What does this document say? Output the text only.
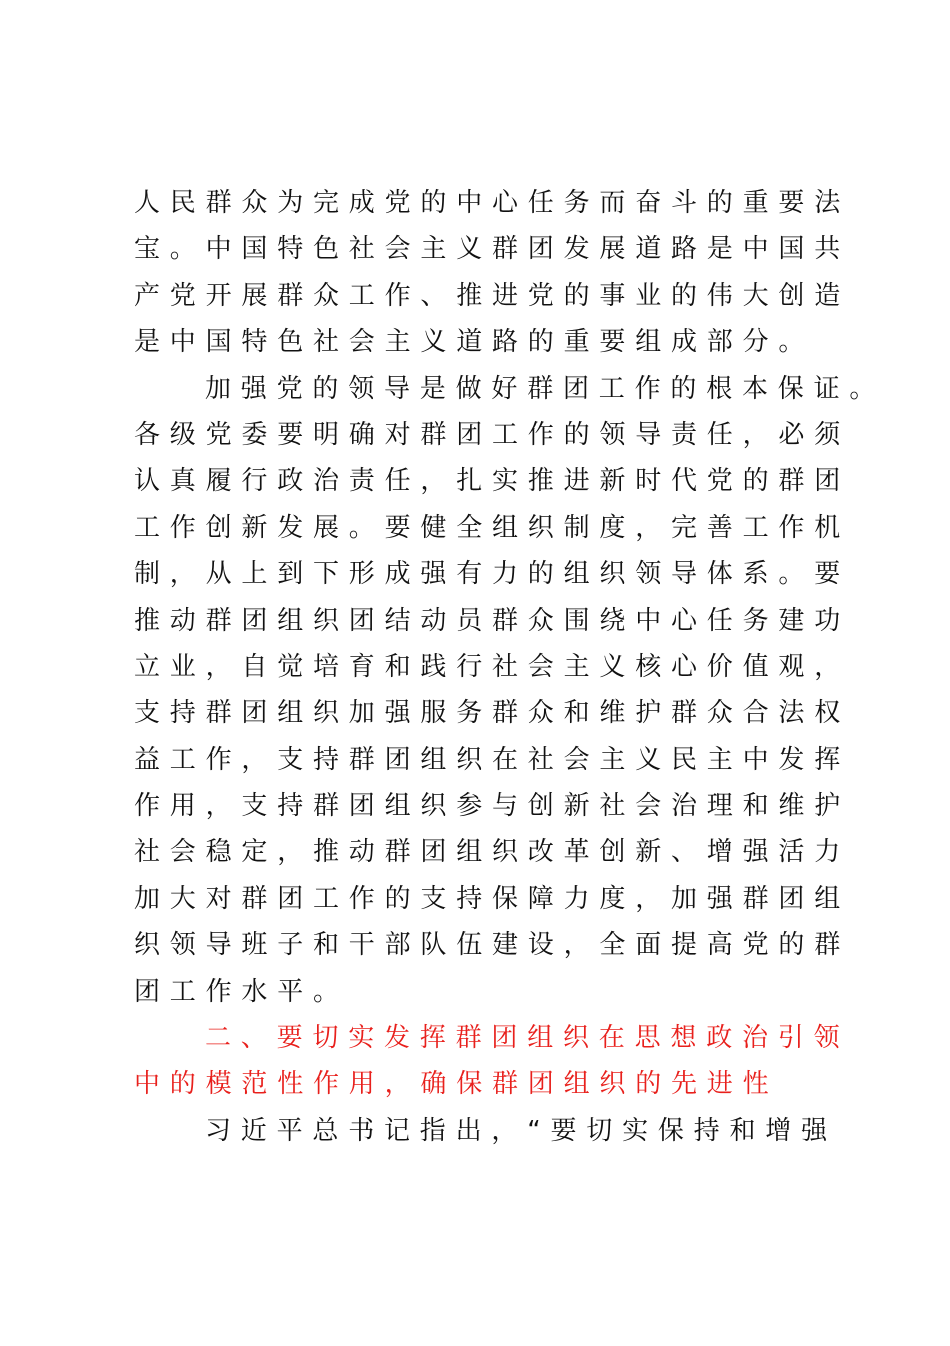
人民群众为完成党的中心任务而奋斗的重要法
宝。中国特色社会主义群团发展道路是中国共
产党开展群众工作、推进党的事业的伟大创造
是中国特色社会主义道路的重要组成部分。
加强党的领导是做好群团工作的根本保证。
各级党委要明确对群团工作的领导责任，必须
认真履行政治责任，扎实推进新时代党的群团
工作创新发展。要健全组织制度，完善工作机
制，从上到下形成强有力的组织领导体系。要
推动群团组织团结动员群众围绕中心任务建功
立业，自觉培育和践行社会主义核心价值观，
支持群团组织加强服务群众和维护群众合法权
益工作，支持群团组织在社会主义民主中发挥
作用，支持群团组织参与创新社会治理和维护
社会稳定，推动群团组织改革创新、增强活力
加大对群团工作的支持保障力度，加强群团组
织领导班子和干部队伍建设，全面提高党的群
团工作水平。
二、要切实发挥群团组织在思想政治引领
中的模范性作用，确保群团组织的先进性
习近平总书记指出，“要切实保持和增强
